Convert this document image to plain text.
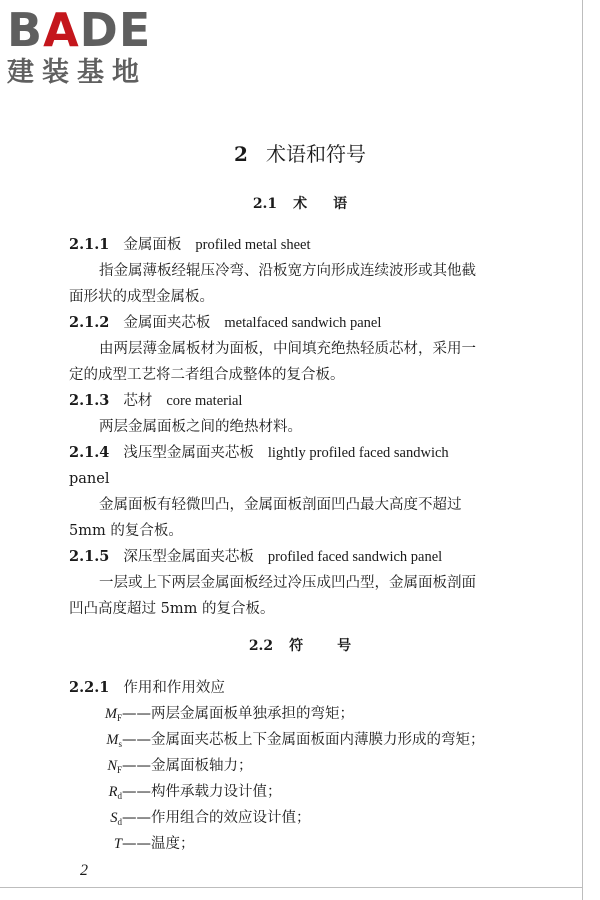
BADE
建装基地
2 术语和符号
2.1 术 语
2.1.1 金属面板 profiled metal sheet
指金属薄板经辊压冷弯、沿板宽方向形成连续波形或其他截
面形状的成型金属板。
2.1.2 金属面夹芯板 metalfaced sandwich panel
由两层薄金属板材为面板，中间填充绝热轻质芯材，采用一
定的成型工艺将二者组合成整体的复合板。
2.1.3 芯材 core material
两层金属面板之间的绝热材料。
2.1.4 浅压型金属面夹芯板 lightly profiled faced sandwich
panel
金属面板有轻微凹凸，金属面板剖面凹凸最大高度不超过
5mm 的复合板。
2.1.5 深压型金属面夹芯板 profiled faced sandwich panel
一层或上下两层金属面板经过冷压成凹凸型，金属面板剖面
凹凸高度超过 5mm 的复合板。
2.2 符 号
2.2.1 作用和作用效应
$M_F——$两层金属面板单独承担的弯矩；
$M_s——$金属面夹芯板上下金属面板面内薄膜力形成的弯矩；
$N_F——$金属面板轴力；
$R_d——$构件承载力设计值；
$S_d——$作用组合的效应设计值；
T——温度；
2
